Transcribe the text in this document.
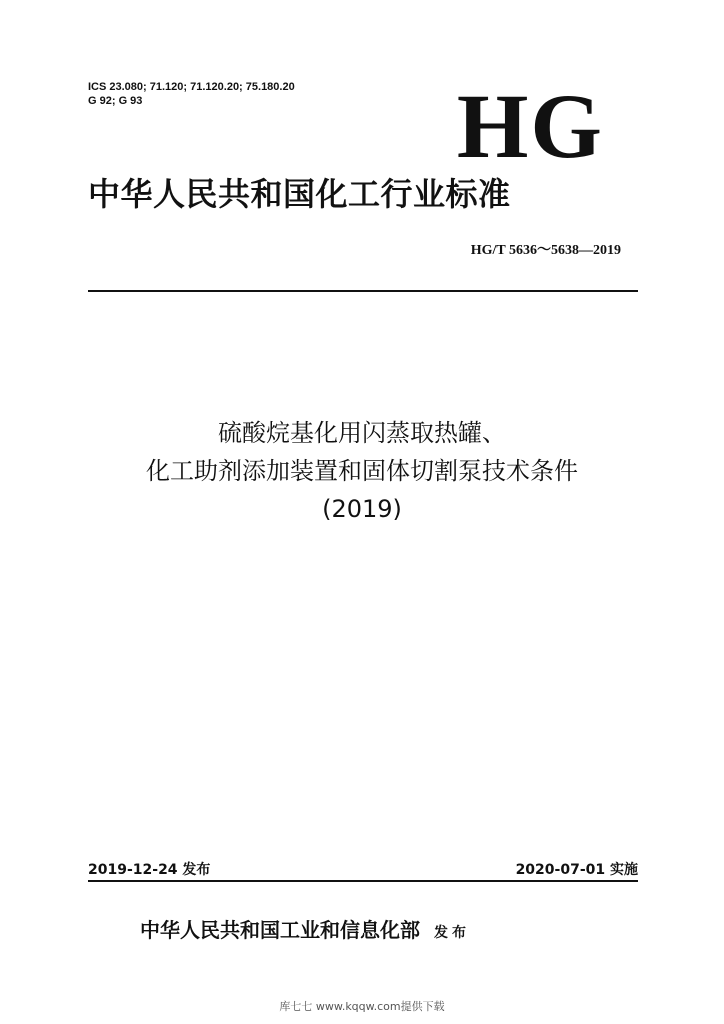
ICS 23.080; 71.120; 71.120.20; 75.180.20
G 92; G 93	HG
中华人民共和国化工行业标准
HG/T 5636～5638—2019
硫酸烷基化用闪蒸取热罐、
化工助剂添加装置和固体切割泵技术条件
(2019)
2019-12-24 发布	2020-07-01 实施
中华人民共和国工业和信息化部 发布
库七七 www.kqqw.com提供下载
